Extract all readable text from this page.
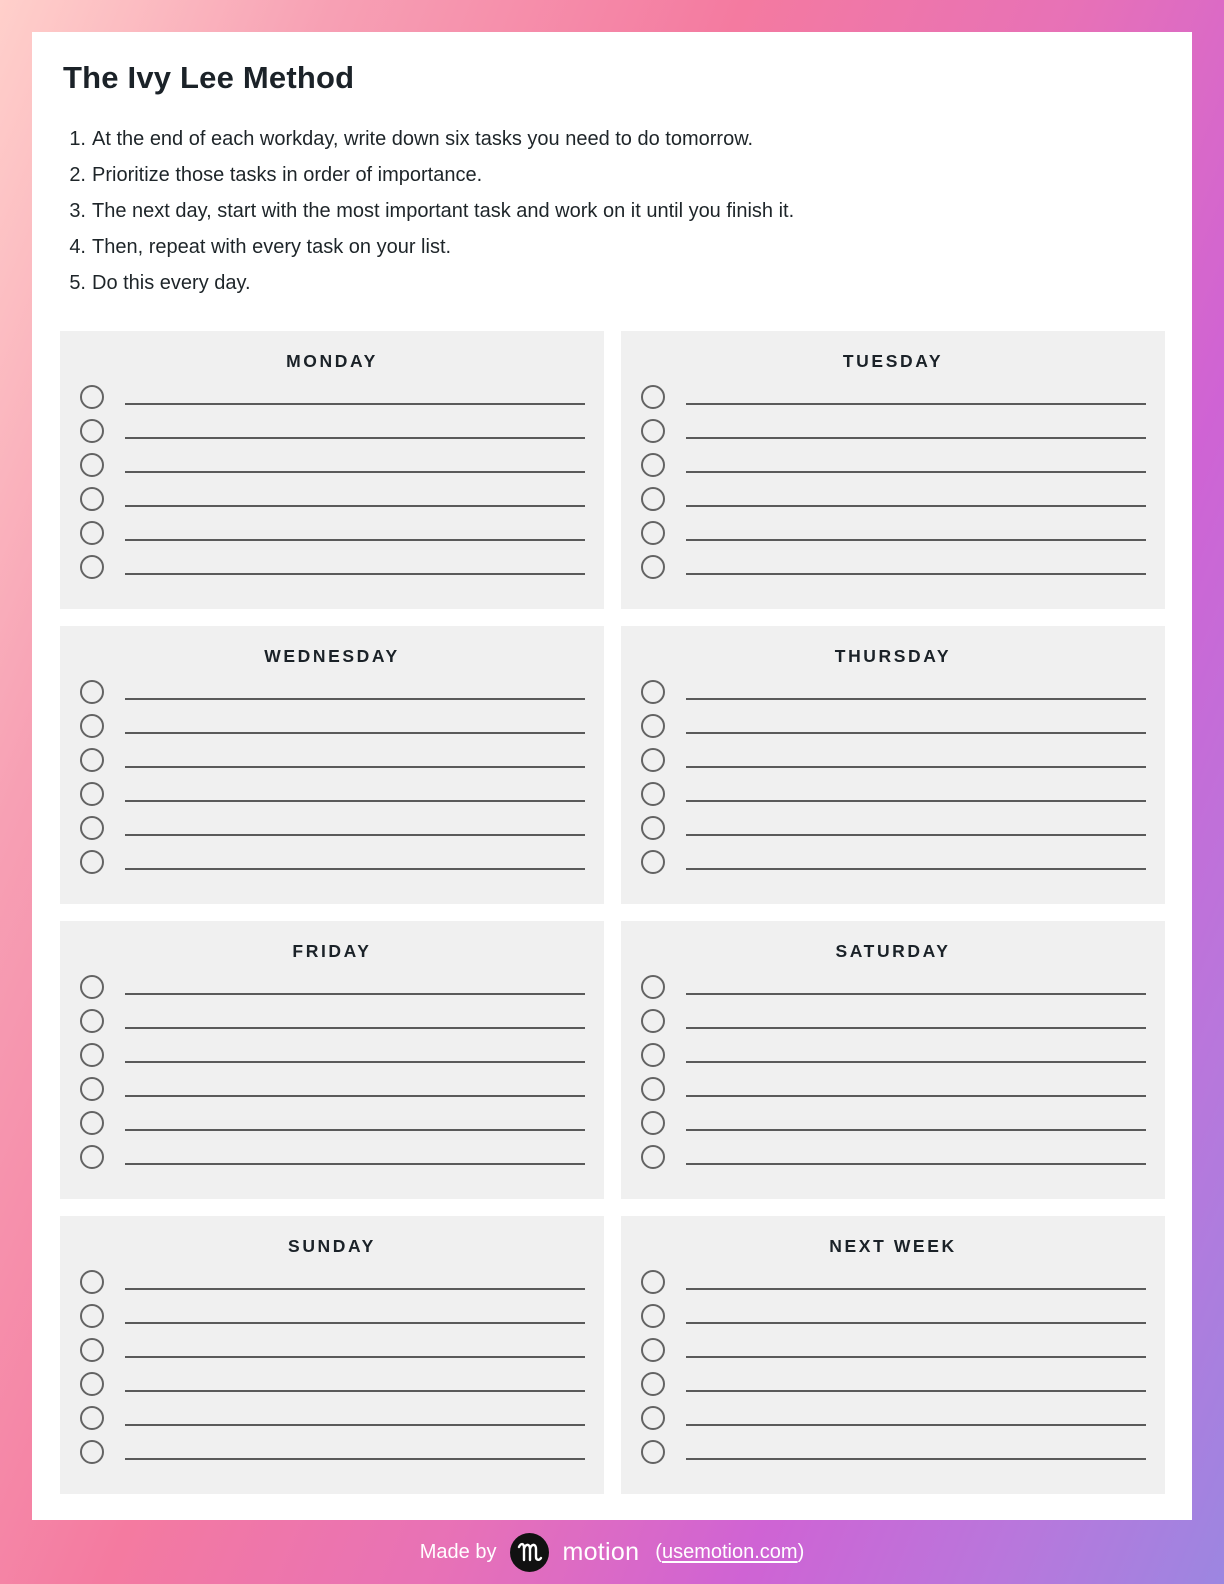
The Ivy Lee Method
1. At the end of each workday, write down six tasks you need to do tomorrow.
2. Prioritize those tasks in order of importance.
3. The next day, start with the most important task and work on it until you finish it.
4. Then, repeat with every task on your list.
5. Do this every day.
MONDAY	TUESDAY
WEDNESDAY	THURSDAY
FRIDAY	SATURDAY
SUNDAY	NEXT WEEK
Made by	motion (usemotion.com)
